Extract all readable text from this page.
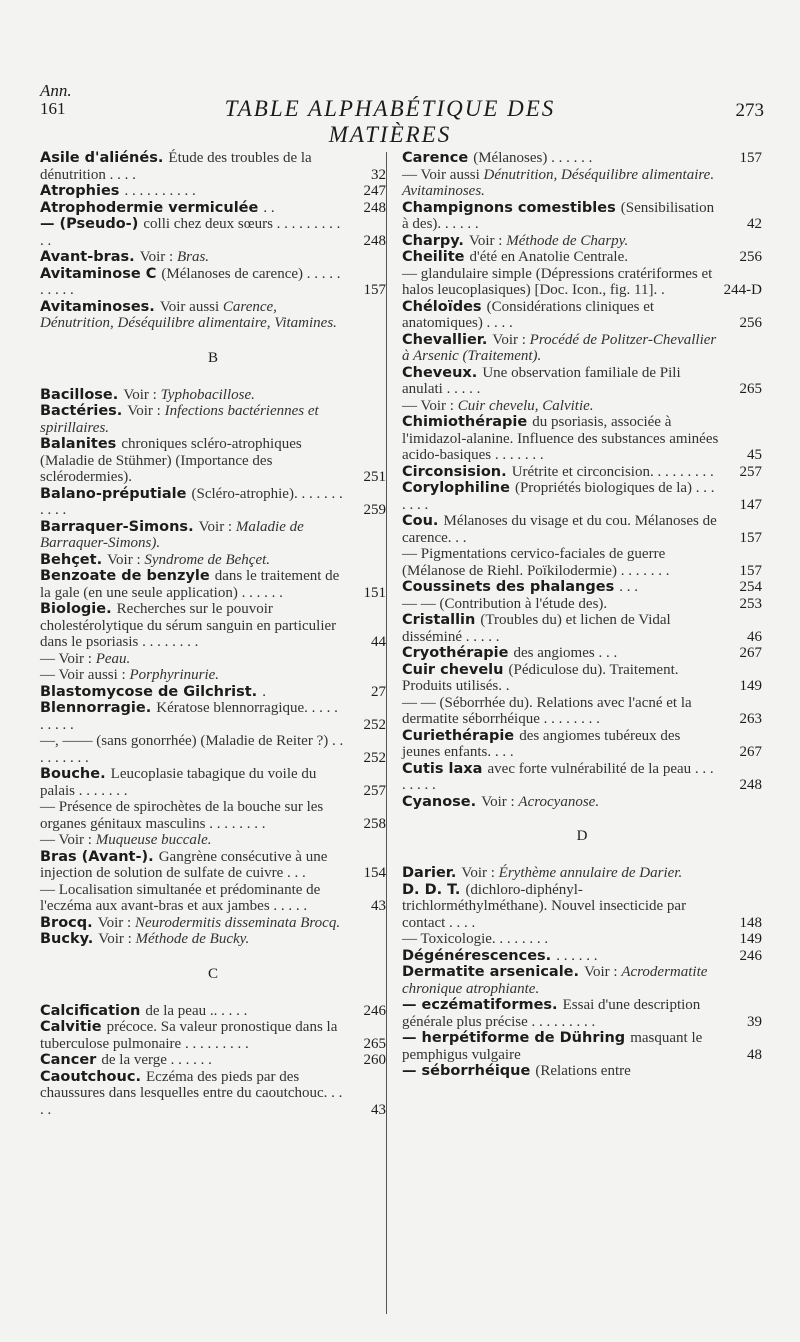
Ann.
161	TABLE ALPHABÉTIQUE DES MATIÈRES
273
Asile d'aliénés. Étude des troubles de la dénutrition . . . .	32
Atrophies . . . . . . . . . .	247
Atrophodermie vermiculée . .	248
— (Pseudo-) colli chez deux sœurs . . . . . . . . . . .	248
Avant-bras. Voir : Bras.
Avitaminose C (Mélanoses de carence) . . . . . . . . . .	157
Avitaminoses. Voir aussi Carence, Dénutrition, Déséquilibre alimentaire, Vitamines.
B
Bacillose. Voir : Typhobacillose.
Bactéries. Voir : Infections bactériennes et spirillaires.
Balanites chroniques scléro-atrophiques (Maladie de Stühmer) (Importance des sclérodermies).	251
Balano-préputiale (Scléro-atrophie). . . . . . . . . . .	259
Barraquer-Simons. Voir : Maladie de Barraquer-Simons).
Behçet. Voir : Syndrome de Behçet.
Benzoate de benzyle dans le traitement de la gale (en une seule application) . . . . . .	151
Biologie. Recherches sur le pouvoir cholestérolytique du sérum sanguin en particulier dans le psoriasis . . . . . . . .	44
— Voir : Peau.
— Voir aussi : Porphyrinurie.
Blastomycose de Gilchrist. .	27
Blennorragie. Kératose blennorragique. . . . . . . . . .	252
—, —— (sans gonorrhée) (Maladie de Reiter ?) . . . . . . . . .	252
Bouche. Leucoplasie tabagique du voile du palais . . . . . . .	257
— Présence de spirochètes de la bouche sur les organes génitaux masculins . . . . . . . .	258
— Voir : Muqueuse buccale.
Bras (Avant-). Gangrène consécutive à une injection de solution de sulfate de cuivre . . .	154
— Localisation simultanée et prédominante de l'eczéma aux avant-bras et aux jambes . . . . .	43
Brocq. Voir : Neurodermitis disseminata Brocq.
Bucky. Voir : Méthode de Bucky.
C
Calcification de la peau .. . . . .	246
Calvitie précoce. Sa valeur pronostique dans la tuberculose pulmonaire . . . . . . . . .	265
Cancer de la verge . . . . . .	260
Caoutchouc. Eczéma des pieds par des chaussures dans lesquelles entre du caoutchouc. . . . .	43
Carence (Mélanoses) . . . . . .	157
— Voir aussi Dénutrition, Déséquilibre alimentaire. Avitaminoses.
Champignons comestibles (Sensibilisation à des). . . . . .	42
Charpy. Voir : Méthode de Charpy.
Cheilite d'été en Anatolie Centrale.	256
— glandulaire simple (Dépressions cratériformes et halos leucoplasiques) [Doc. Icon., fig. 11]. .	244-D
Chéloïdes (Considérations cliniques et anatomiques) . . . .	256
Chevallier. Voir : Procédé de Politzer-Chevallier à Arsenic (Traitement).
Cheveux. Une observation familiale de Pili anulati . . . . .	265
— Voir : Cuir chevelu, Calvitie.
Chimiothérapie du psoriasis, associée à l'imidazol-alanine. Influence des substances aminées acido-basiques . . . . . . .	45
Circonsision. Urétrite et circoncision. . . . . . . . . 257
Corylophiline (Propriétés biologiques de la) . . . . . . .	147
Cou. Mélanoses du visage et du cou. Mélanoses de carence. . .	157
— Pigmentations cervico-faciales de guerre (Mélanose de Riehl. Poïkilodermie) . . . . . . .	157
Coussinets des phalanges . . .	254
— — (Contribution à l'étude des).	253
Cristallin (Troubles du) et lichen de Vidal disséminé . . . . .	46
Cryothérapie des angiomes . . .	267
Cuir chevelu (Pédiculose du). Traitement. Produits utilisés. .	149
— — (Séborrhée du). Relations avec l'acné et la dermatite séborrhéique . . . . . . . .	263
Curiethérapie des angiomes tubéreux des jeunes enfants. . . .	267
Cutis laxa avec forte vulnérabilité de la peau . . . . . . . .	248
Cyanose. Voir : Acrocyanose.
D
Darier. Voir : Érythème annulaire de Darier.
D. D. T. (dichloro-diphényl-trichlorméthylméthane). Nouvel insecticide par contact . . . .	148
— Toxicologie. . . . . . . .	149
Dégénérescences. . . . . . .	246
Dermatite arsenicale. Voir : Acrodermatite chronique atrophiante.
— eczématiformes. Essai d'une description générale plus précise . . . . . . . . .	39
— herpétiforme de Dühring masquant le pemphigus vulgaire	48
— séborrhéique (Relations entre
